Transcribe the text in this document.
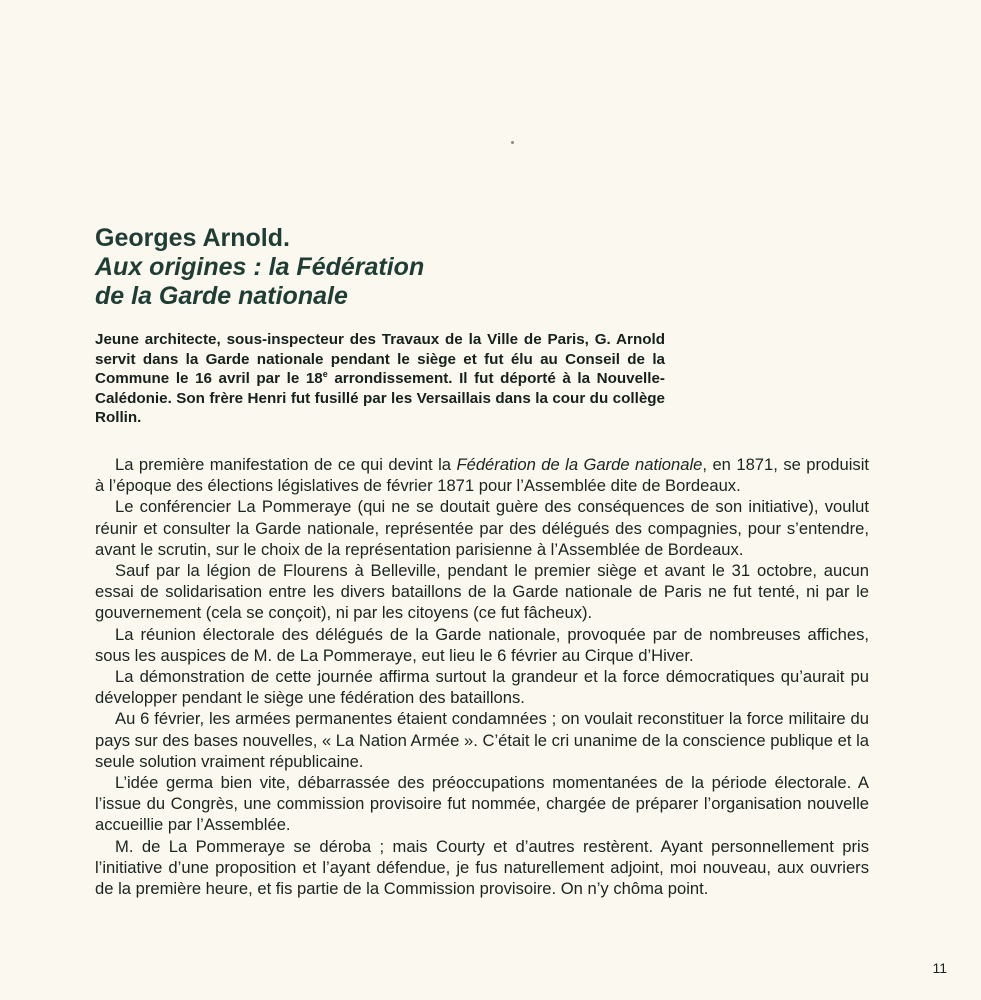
Georges Arnold.
Aux origines : la Fédération
de la Garde nationale
Jeune architecte, sous-inspecteur des Travaux de la Ville de Paris, G. Arnold servit dans la Garde nationale pendant le siège et fut élu au Conseil de la Commune le 16 avril par le 18e arrondissement. Il fut déporté à la Nouvelle-Calédonie. Son frère Henri fut fusillé par les Versaillais dans la cour du collège Rollin.

La première manifestation de ce qui devint la Fédération de la Garde nationale, en 1871, se produisit à l’époque des élections législatives de février 1871 pour l’Assemblée dite de Bordeaux.

Le conférencier La Pommeraye (qui ne se doutait guère des conséquences de son initiative), voulut réunir et consulter la Garde nationale, représentée par des délégués des compagnies, pour s’entendre, avant le scrutin, sur le choix de la représentation parisienne à l’Assemblée de Bordeaux.

Sauf par la légion de Flourens à Belleville, pendant le premier siège et avant le 31 octobre, aucun essai de solidarisation entre les divers bataillons de la Garde nationale de Paris ne fut tenté, ni par le gouvernement (cela se conçoit), ni par les citoyens (ce fut fâcheux).

La réunion électorale des délégués de la Garde nationale, provoquée par de nombreuses affiches, sous les auspices de M. de La Pommeraye, eut lieu le 6 février au Cirque d’Hiver.

La démonstration de cette journée affirma surtout la grandeur et la force démocratiques qu’aurait pu développer pendant le siège une fédération des bataillons.

Au 6 février, les armées permanentes étaient condamnées ; on voulait reconstituer la force militaire du pays sur des bases nouvelles, « La Nation Armée ». C’était le cri unanime de la conscience publique et la seule solution vraiment républicaine.

L’idée germa bien vite, débarrassée des préoccupations momentanées de la période électorale. A l’issue du Congrès, une commission provisoire fut nommée, chargée de préparer l’organisation nouvelle accueillie par l’Assemblée.

M. de La Pommeraye se déroba ; mais Courty et d’autres restèrent. Ayant personnellement pris l’initiative d’une proposition et l’ayant défendue, je fus naturellement adjoint, moi nouveau, aux ouvriers de la première heure, et fis partie de la Commission provisoire. On n’y chôma point.

11
